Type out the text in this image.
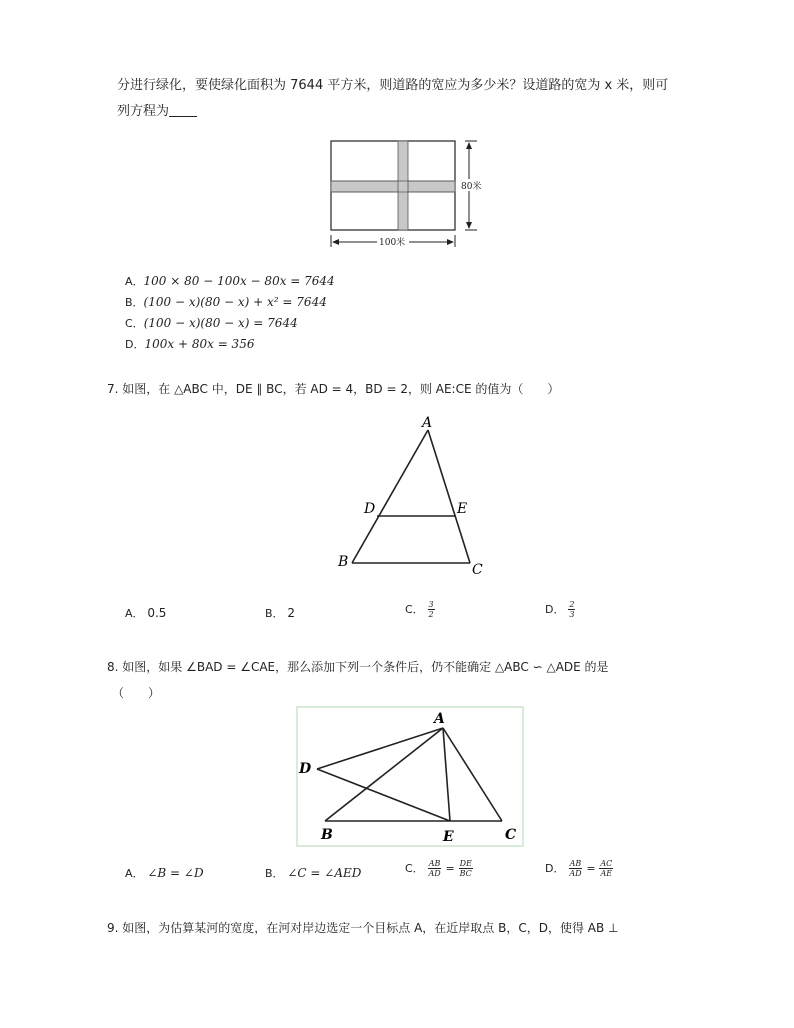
分进行绿化，要使绿化面积为 7644 平方米，则道路的宽应为多少米？设道路的宽为 x 米，则可
列方程为
80米
100米
A．100 × 80 − 100x − 80x = 7644
B．(100 − x)(80 − x) + x² = 7644
C．(100 − x)(80 − x) = 7644
D．100x + 80x = 356
7. 如图，在 △ABC 中，DE ∥ BC，若 AD = 4，BD = 2，则 AE:CE 的值为（　　）
A
B	C
D	E
A． 0.5	B． 2	C． $\frac{3}{2}$	D． $\frac{2}{3}$
8. 如图，如果 ∠BAD = ∠CAE，那么添加下列一个条件后，仍不能确定 △ABC ∽ △ADE 的是
（　　）
A
D
B	E	C
A． ∠B = ∠D	B． ∠C = ∠AED	C． $\frac{AB}{AD} = \frac{DE}{BC}$	D． $\frac{AB}{AD} = \frac{AC}{AE}$
9. 如图，为估算某河的宽度，在河对岸边选定一个目标点 A，在近岸取点 B，C，D，使得 AB ⊥
